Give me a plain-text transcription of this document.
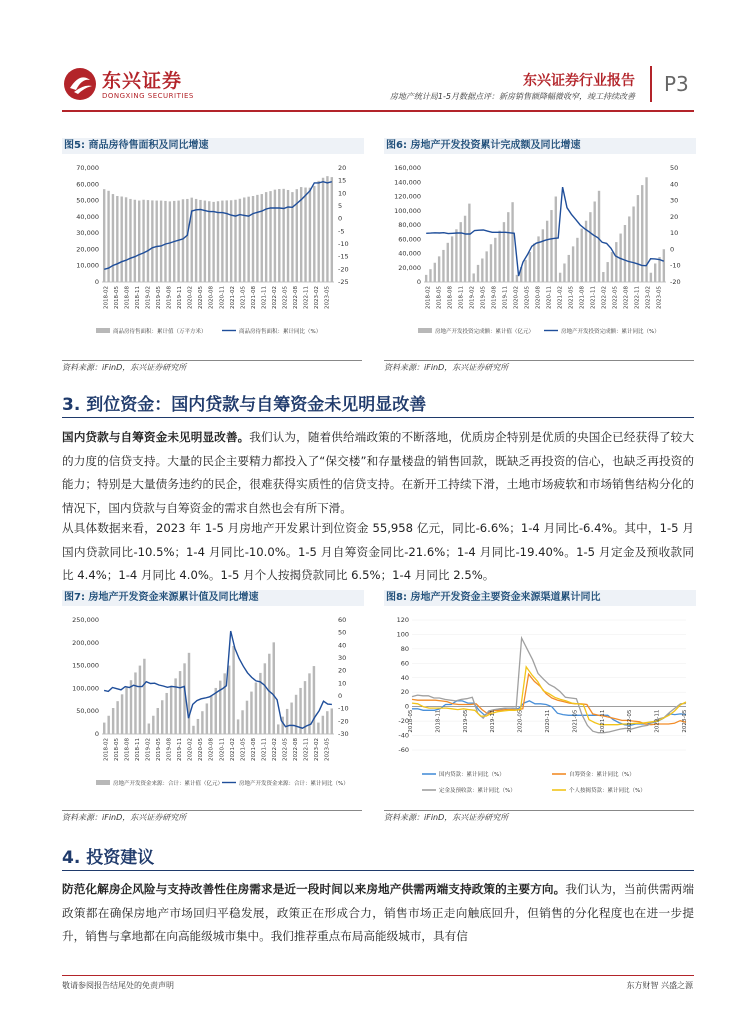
东兴证券
DONGXING SECURITIES
东兴证券行业报告
房地产统计局1-5月数据点评：新房销售额降幅微收窄，竣工持续改善
P3
图5: 商品房待售面积及同比增速
0
10,000
20,000
30,000
40,000
50,000
60,000
70,000
-25
-20
-15
-10
-5
0
5
10
15
20
2018-02 2018-05 2018-08 2018-11 2019-02 2019-05 2019-08 2019-11 2020-02 2020-05 2020-08 2020-11 2021-02 2021-05 2021-08 2021-11 2022-02 2022-05 2022-08 2022-11 2023-02 2023-05
商品房待售面积：累计值（万平方米）	商品房待售面积：累计同比（%）
资料来源：iFinD，东兴证券研究所
图6: 房地产开发投资累计完成额及同比增速
0
20,000
40,000
60,000
80,000
100,000
120,000
140,000
160,000
-20
-10
0
10
20
30
40
50
2018-02 2018-05 2018-08 2018-11 2019-02 2019-05 2019-08 2019-11 2020-02 2020-05 2020-08 2020-11 2021-02 2021-05 2021-08 2021-11 2022-02 2022-05 2022-08 2022-11 2023-02 2023-05
房地产开发投资完成额：累计值（亿元）	房地产开发投资完成额：累计同比（%）
资料来源：iFinD，东兴证券研究所
3. 到位资金：国内贷款与自筹资金未见明显改善
国内贷款与自筹资金未见明显改善。我们认为，随着供给端政策的不断落地，优质房企特别是优质的央国企已经获得了较大的力度的信贷支持。大量的民企主要精力都投入了“保交楼”和存量楼盘的销售回款，既缺乏再投资的信心，也缺乏再投资的能力；特别是大量债务违约的民企，很难获得实质性的信贷支持。在新开工持续下滑，土地市场疲软和市场销售结构分化的情况下，国内贷款与自筹资金的需求自然也会有所下滑。
从具体数据来看，2023 年 1-5 月房地产开发累计到位资金 55,958 亿元，同比-6.6%；1-4 月同比-6.4%。其中，1-5 月国内贷款同比-10.5%；1-4 月同比-10.0%。1-5 月自筹资金同比-21.6%；1-4 月同比-19.40%。1-5 月定金及预收款同比 4.4%；1-4 月同比 4.0%。1-5 月个人按揭贷款同比 6.5%；1-4 月同比 2.5%。
图7: 房地产开发资金来源累计值及同比增速
0
50,000
100,000
150,000
200,000
250,000
-30
-20
-10
0
10
20
30
40
50
60
2018-02 2018-05 2018-08 2018-11 2019-02 2019-05 2019-08 2019-11 2020-02 2020-05 2020-08 2020-11 2021-02 2021-05 2021-08 2021-11 2022-02 2022-05 2022-08 2022-11 2023-02 2023-05
房地产开发资金来源：合计：累计值（亿元）	房地产开发资金来源：合计：累计同比（%）
资料来源：iFinD，东兴证券研究所
图8: 房地产开发资金主要资金来源渠道累计同比
-60
-40
-20
0
20
40
60
80
100
120
2018-05	2018-11	2019-05	2019-11	2020-05	2020-11	2021-05	2021-11	2022-05	2022-11	2023-05
国内贷款：累计同比（%）	自筹资金：累计同比（%）
定金及预收款：累计同比（%）	个人按揭贷款：累计同比（%）
资料来源：iFinD，东兴证券研究所
4. 投资建议
防范化解房企风险与支持改善性住房需求是近一段时间以来房地产供需两端支持政策的主要方向。我们认为，当前供需两端政策都在确保房地产市场回归平稳发展，政策正在形成合力，销售市场正走向触底回升，但销售的分化程度也在进一步提升，销售与拿地都在向高能级城市集中。我们推荐重点布局高能级城市，具有信
敬请参阅报告结尾处的免责声明	东方财智 兴盛之源
